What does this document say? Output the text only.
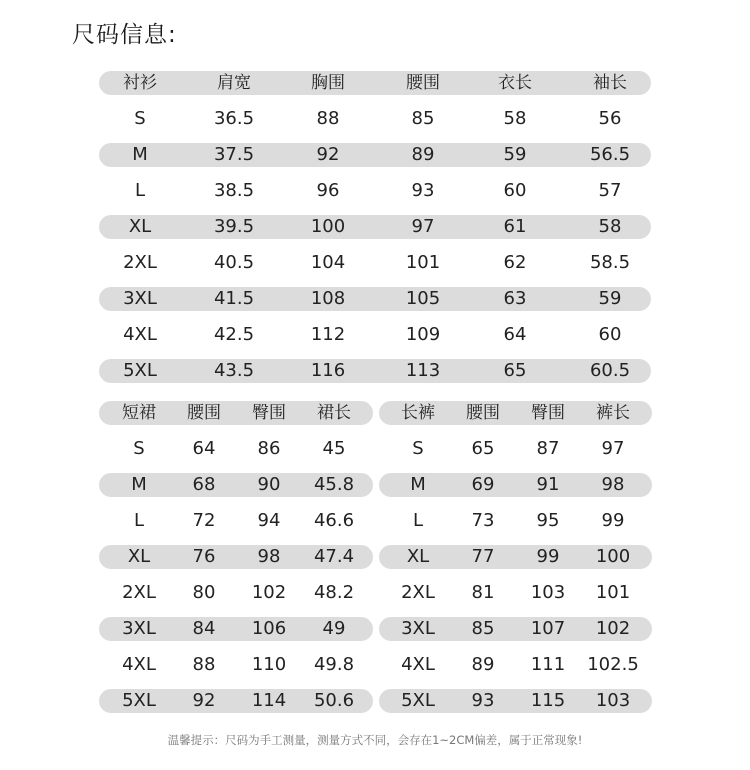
尺码信息:
衬衫	肩宽	胸围	腰围	衣长	袖长
S	36.5	88	85	58	56
M	37.5	92	89	59	56.5
L	38.5	96	93	60	57
XL	39.5	100	97	61	58
2XL	40.5	104	101	62	58.5
3XL	41.5	108	105	63	59
4XL	42.5	112	109	64	60
5XL	43.5	116	113	65	60.5
短裙 腰围 臀围 裙长
S	64 86 45
M	68 90 45.8
L	72 94 46.6
XL 76 98 47.4
2XL 80 102 48.2
3XL 84 106 49
4XL 88 110 49.8
5XL 92 114 50.6
长裤 腰围 臀围 裤长
S	65 87 97
M	69 91 98
L	73 95 99
XL 77 99 100
2XL 81 103 101
3XL 85 107 102
4XL 89 111 102.5
5XL 93 115 103
温馨提示：尺码为手工测量，测量方式不同，会存在1~2CM偏差，属于正常现象!
